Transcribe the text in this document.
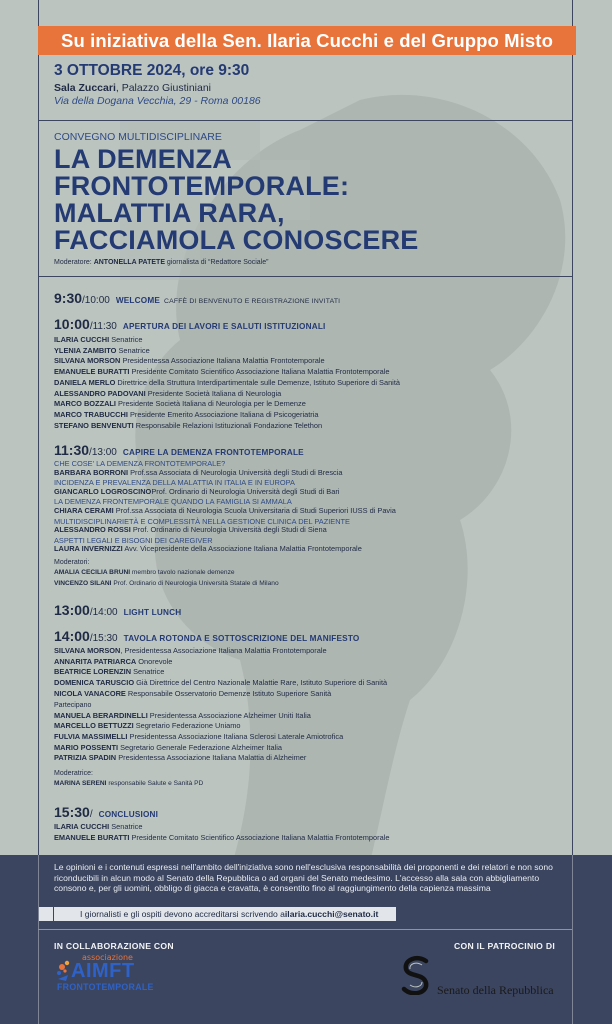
Su iniziativa della Sen. Ilaria Cucchi e del Gruppo Misto
3 OTTOBRE 2024, ore 9:30
Sala Zuccari, Palazzo Giustiniani
Via della Dogana Vecchia, 29 - Roma 00186
CONVEGNO MULTIDISCIPLINARE
LA DEMENZA
FRONTOTEMPORALE:
MALATTIA RARA,
FACCIAMOLA CONOSCERE
Moderatore: ANTONELLA PATETE giornalista di “Redattore Sociale”
9:30 /10:00 WELCOME CAFFÈ DI BENVENUTO E REGISTRAZIONE INVITATI
10:00 /11:30 APERTURA DEI LAVORI E SALUTI ISTITUZIONALI
ILARIA CUCCHI Senatrice
YLENIA ZAMBITO Senatrice
SILVANA MORSON Presidentessa Associazione Italiana Malattia Frontotemporale
EMANUELE BURATTI Presidente Comitato Scientifico Associazione Italiana Malattia Frontotemporale
DANIELA MERLO Direttrice della Struttura Interdipartimentale sulle Demenze, Istituto Superiore di Sanità
ALESSANDRO PADOVANI Presidente Società Italiana di Neurologia
MARCO BOZZALI Presidente Società Italiana di Neurologia per le Demenze
MARCO TRABUCCHI Presidente Emerito Associazione Italiana di Psicogeriatria
STEFANO BENVENUTI Responsabile Relazioni Istituzionali Fondazione Telethon
11:30 /13:00 CAPIRE LA DEMENZA FRONTOTEMPORALE
CHE COSE' LA DEMENZA FRONTOTEMPORALE?
BARBARA BORRONI Prof.ssa Associata di Neurologia Università degli Studi di Brescia
INCIDENZA E PREVALENZA DELLA MALATTIA IN ITALIA E IN EUROPA
GIANCARLO LOGROSCINOProf. Ordinario di Neurologia Università degli Studi di Bari
LA DEMENZA FRONTEMPORALE QUANDO LA FAMIGLIA SI AMMALA
CHIARA CERAMI Prof.ssa Associata di Neurologia Scuola Universitaria di Studi Superiori IUSS di Pavia
MULTIDISCIPLINARIETÀ E COMPLESSITÀ NELLA GESTIONE CLINICA DEL PAZIENTE
ALESSANDRO ROSSI Prof. Ordinario di Neurologia Università degli Studi di Siena
ASPETTI LEGALI E BISOGNI DEI CAREGIVER
LAURA INVERNIZZI Avv. Vicepresidente della Associazione Italiana Malattia Frontotemporale
Moderatori:
AMALIA CECILIA BRUNI membro tavolo nazionale demenze
VINCENZO SILANI Prof. Ordinario di Neurologia Università Statale di Milano
13:00 /14:00 LIGHT LUNCH
14:00 /15:30 TAVOLA ROTONDA E SOTTOSCRIZIONE DEL MANIFESTO
SILVANA MORSON, Presidentessa Associazione Italiana Malattia Frontotemporale
ANNARITA PATRIARCA Onorevole
BEATRICE LORENZIN Senatrice
DOMENICA TARUSCIO Già Direttrice del Centro Nazionale Malattie Rare, Istituto Superiore di Sanità
NICOLA VANACORE Responsabile Osservatorio Demenze Istituto Superiore Sanità
Partecipano
MANUELA BERARDINELLI Presidentessa Associazione Alzheimer Uniti Italia
MARCELLO BETTUZZI Segretario Federazione Uniamo
FULVIA MASSIMELLI Presidentessa Associazione Italiana Sclerosi Laterale Amiotrofica
MARIO POSSENTI Segretario Generale Federazione Alzheimer Italia
PATRIZIA SPADIN Presidentessa Associazione Italiana Malattia di Alzheimer
Moderatrice:
MARINA SERENI responsabile Salute e Sanità PD
15:30 / CONCLUSIONI
ILARIA CUCCHI Senatrice
EMANUELE BURATTI Presidente Comitato Scientifico Associazione Italiana Malattia Frontotemporale
Le opinioni e i contenuti espressi nell'ambito dell'iniziativa sono nell'esclusiva responsabilità dei proponenti e dei relatori e non sono riconducibili in alcun modo al Senato della Repubblica o ad organi del Senato medesimo. L'accesso alla sala con abbigliamento consono e, per gli uomini, obbligo di giacca e cravatta, è consentito fino al raggiungimento della capienza massima
I giornalisti e gli ospiti devono accreditarsi scrivendo a ilaria.cucchi@senato.it
IN COLLABORAZIONE CON	CON IL PATROCINIO DI
associazione
AIMFT
FRONTOTEMPORALE	Senato della Repubblica
